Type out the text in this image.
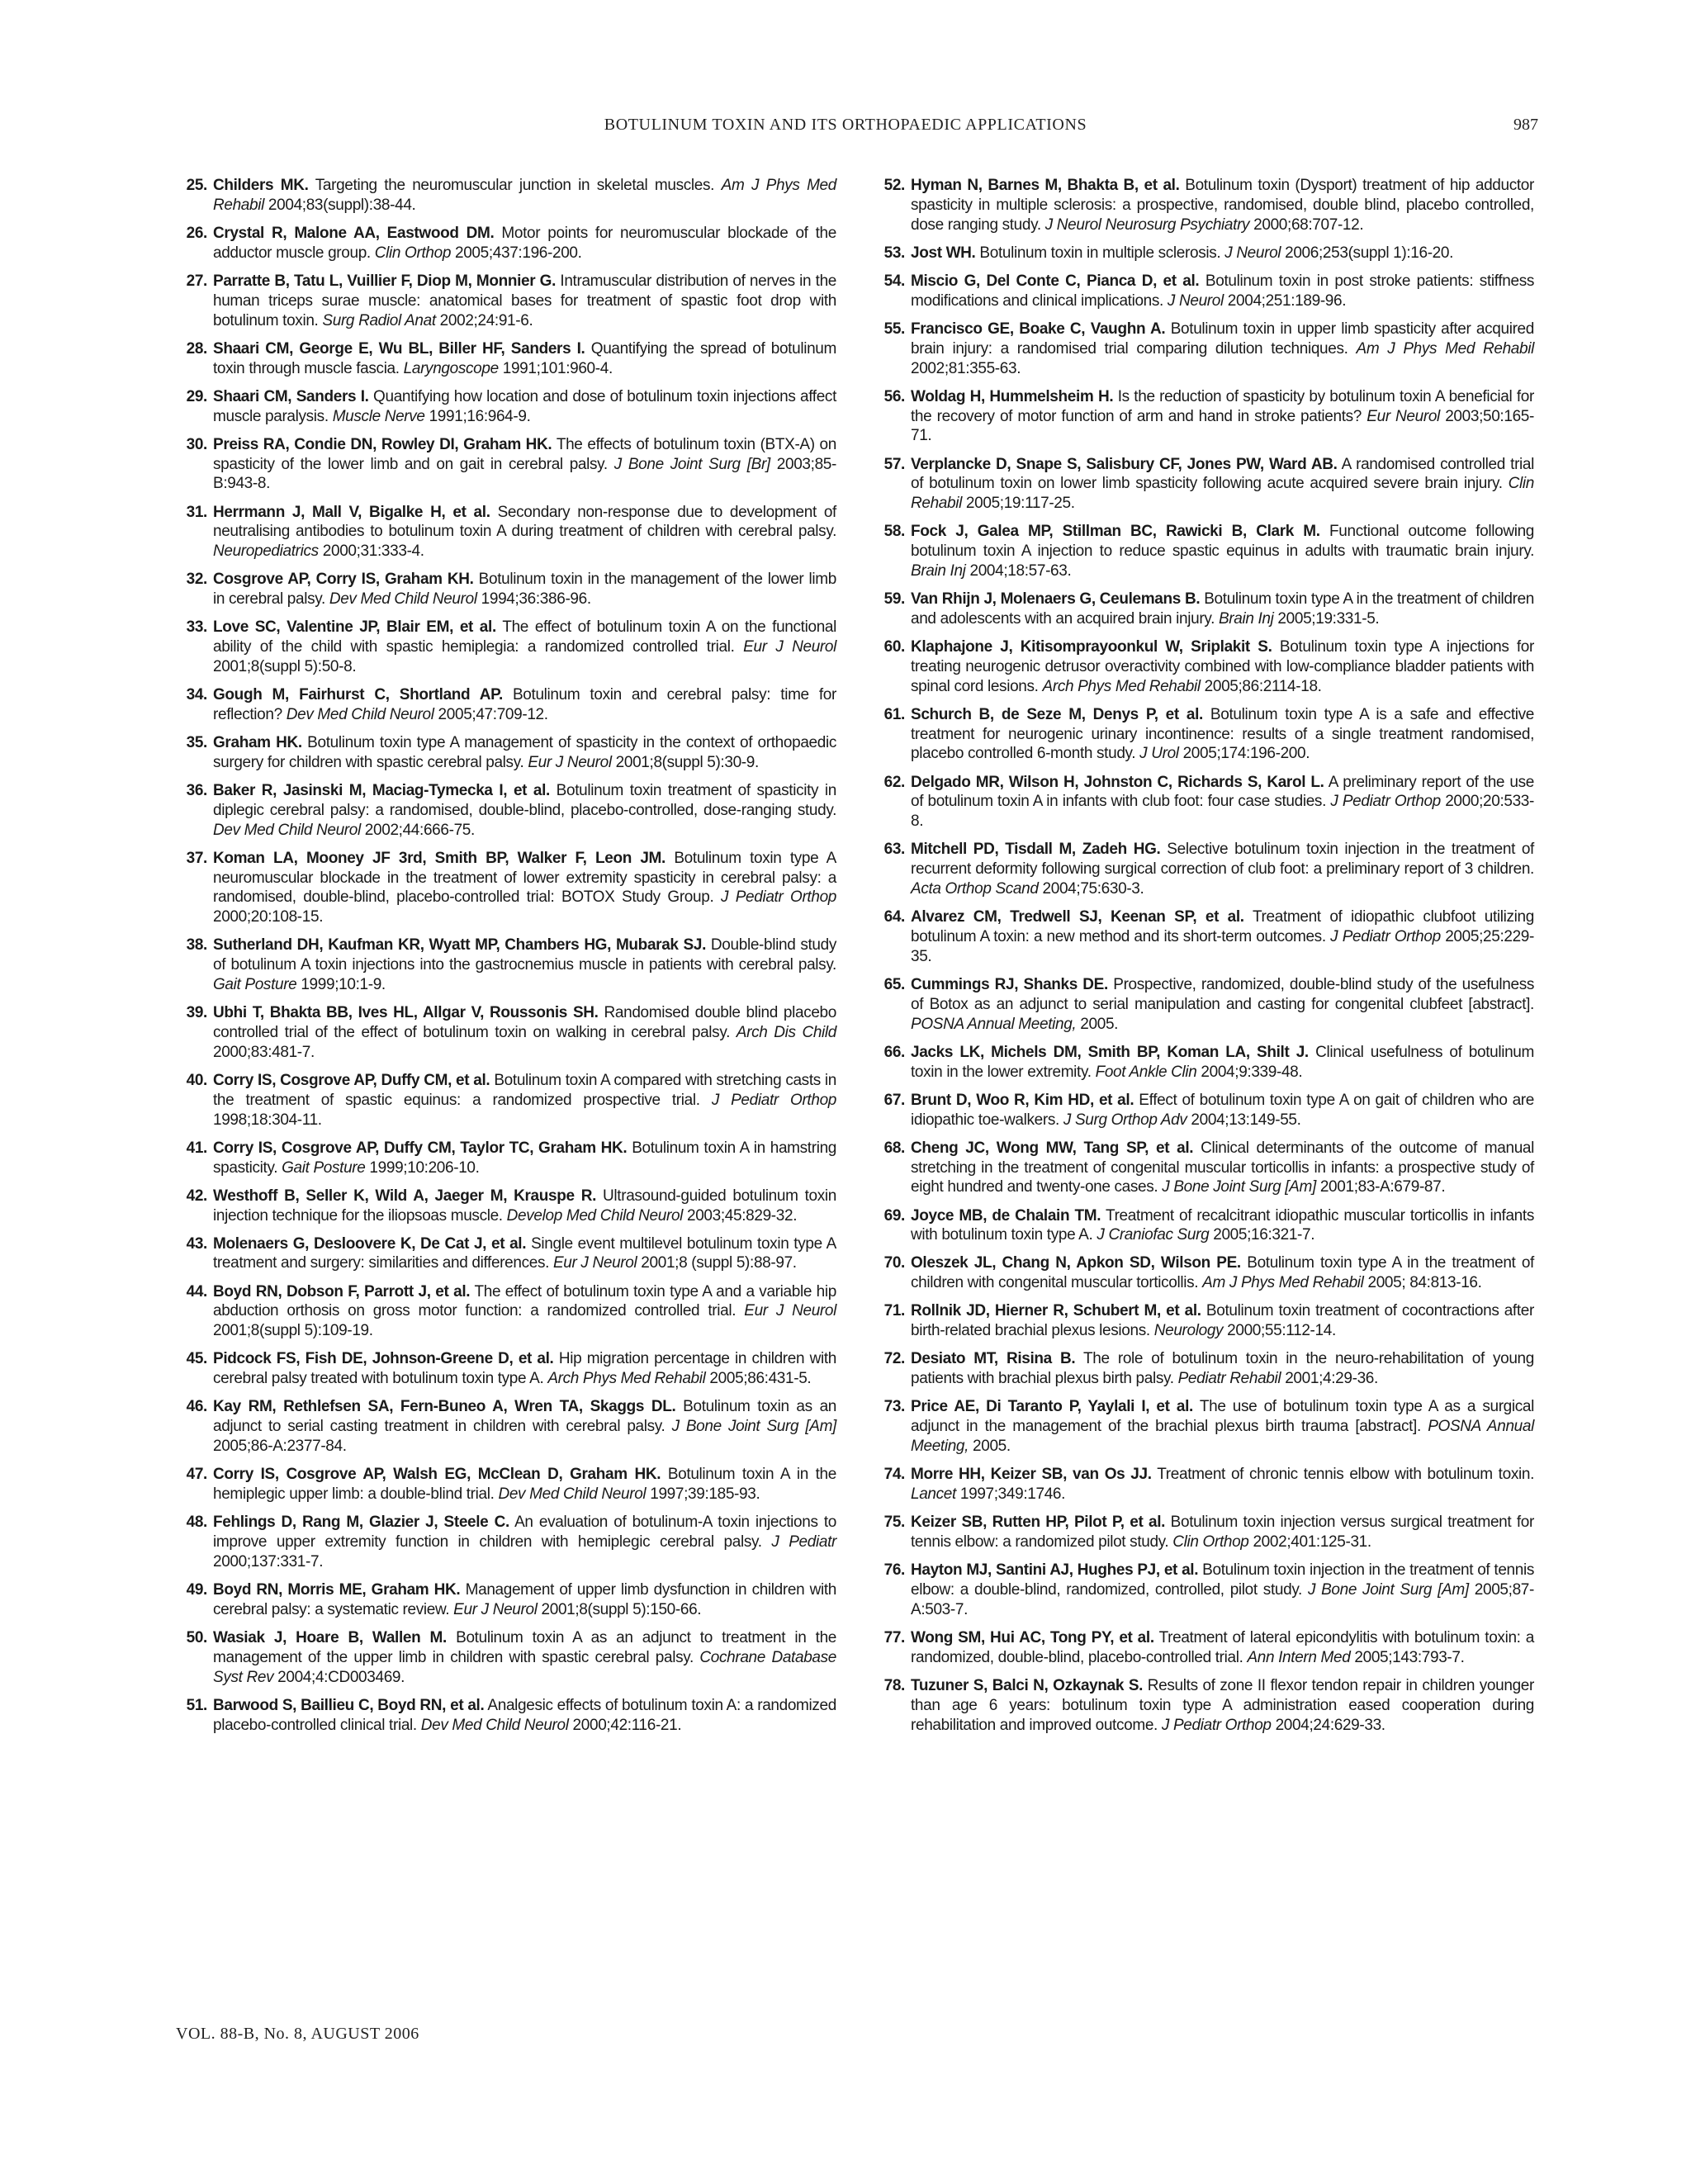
BOTULINUM TOXIN AND ITS ORTHOPAEDIC APPLICATIONS	987
25. Childers MK. Targeting the neuromuscular junction in skeletal muscles. Am J Phys Med Rehabil 2004;83(suppl):38-44.
26. Crystal R, Malone AA, Eastwood DM. Motor points for neuromuscular blockade of the adductor muscle group. Clin Orthop 2005;437:196-200.
27. Parratte B, Tatu L, Vuillier F, Diop M, Monnier G. Intramuscular distribution of nerves in the human triceps surae muscle: anatomical bases for treatment of spastic foot drop with botulinum toxin. Surg Radiol Anat 2002;24:91-6.
28. Shaari CM, George E, Wu BL, Biller HF, Sanders I. Quantifying the spread of botulinum toxin through muscle fascia. Laryngoscope 1991;101:960-4.
29. Shaari CM, Sanders I. Quantifying how location and dose of botulinum toxin injections affect muscle paralysis. Muscle Nerve 1991;16:964-9.
30. Preiss RA, Condie DN, Rowley DI, Graham HK. The effects of botulinum toxin (BTX-A) on spasticity of the lower limb and on gait in cerebral palsy. J Bone Joint Surg [Br] 2003;85-B:943-8.
31. Herrmann J, Mall V, Bigalke H, et al. Secondary non-response due to development of neutralising antibodies to botulinum toxin A during treatment of children with cerebral palsy. Neuropediatrics 2000;31:333-4.
32. Cosgrove AP, Corry IS, Graham KH. Botulinum toxin in the management of the lower limb in cerebral palsy. Dev Med Child Neurol 1994;36:386-96.
33. Love SC, Valentine JP, Blair EM, et al. The effect of botulinum toxin A on the functional ability of the child with spastic hemiplegia: a randomized controlled trial. Eur J Neurol 2001;8(suppl 5):50-8.
34. Gough M, Fairhurst C, Shortland AP. Botulinum toxin and cerebral palsy: time for reflection? Dev Med Child Neurol 2005;47:709-12.
35. Graham HK. Botulinum toxin type A management of spasticity in the context of orthopaedic surgery for children with spastic cerebral palsy. Eur J Neurol 2001;8(suppl 5):30-9.
36. Baker R, Jasinski M, Maciag-Tymecka I, et al. Botulinum toxin treatment of spasticity in diplegic cerebral palsy: a randomised, double-blind, placebo-controlled, dose-ranging study. Dev Med Child Neurol 2002;44:666-75.
37. Koman LA, Mooney JF 3rd, Smith BP, Walker F, Leon JM. Botulinum toxin type A neuromuscular blockade in the treatment of lower extremity spasticity in cerebral palsy: a randomised, double-blind, placebo-controlled trial: BOTOX Study Group. J Pediatr Orthop 2000;20:108-15.
38. Sutherland DH, Kaufman KR, Wyatt MP, Chambers HG, Mubarak SJ. Double-blind study of botulinum A toxin injections into the gastrocnemius muscle in patients with cerebral palsy. Gait Posture 1999;10:1-9.
39. Ubhi T, Bhakta BB, Ives HL, Allgar V, Roussonis SH. Randomised double blind placebo controlled trial of the effect of botulinum toxin on walking in cerebral palsy. Arch Dis Child 2000;83:481-7.
40. Corry IS, Cosgrove AP, Duffy CM, et al. Botulinum toxin A compared with stretching casts in the treatment of spastic equinus: a randomized prospective trial. J Pediatr Orthop 1998;18:304-11.
41. Corry IS, Cosgrove AP, Duffy CM, Taylor TC, Graham HK. Botulinum toxin A in hamstring spasticity. Gait Posture 1999;10:206-10.
42. Westhoff B, Seller K, Wild A, Jaeger M, Krauspe R. Ultrasound-guided botulinum toxin injection technique for the iliopsoas muscle. Develop Med Child Neurol 2003;45:829-32.
43. Molenaers G, Desloovere K, De Cat J, et al. Single event multilevel botulinum toxin type A treatment and surgery: similarities and differences. Eur J Neurol 2001;8 (suppl 5):88-97.
44. Boyd RN, Dobson F, Parrott J, et al. The effect of botulinum toxin type A and a variable hip abduction orthosis on gross motor function: a randomized controlled trial. Eur J Neurol 2001;8(suppl 5):109-19.
45. Pidcock FS, Fish DE, Johnson-Greene D, et al. Hip migration percentage in children with cerebral palsy treated with botulinum toxin type A. Arch Phys Med Rehabil 2005;86:431-5.
46. Kay RM, Rethlefsen SA, Fern-Buneo A, Wren TA, Skaggs DL. Botulinum toxin as an adjunct to serial casting treatment in children with cerebral palsy. J Bone Joint Surg [Am] 2005;86-A:2377-84.
47. Corry IS, Cosgrove AP, Walsh EG, McClean D, Graham HK. Botulinum toxin A in the hemiplegic upper limb: a double-blind trial. Dev Med Child Neurol 1997;39:185-93.
48. Fehlings D, Rang M, Glazier J, Steele C. An evaluation of botulinum-A toxin injections to improve upper extremity function in children with hemiplegic cerebral palsy. J Pediatr 2000;137:331-7.
49. Boyd RN, Morris ME, Graham HK. Management of upper limb dysfunction in children with cerebral palsy: a systematic review. Eur J Neurol 2001;8(suppl 5):150-66.
50. Wasiak J, Hoare B, Wallen M. Botulinum toxin A as an adjunct to treatment in the management of the upper limb in children with spastic cerebral palsy. Cochrane Database Syst Rev 2004;4:CD003469.
51. Barwood S, Baillieu C, Boyd RN, et al. Analgesic effects of botulinum toxin A: a randomized placebo-controlled clinical trial. Dev Med Child Neurol 2000;42:116-21.
52. Hyman N, Barnes M, Bhakta B, et al. Botulinum toxin (Dysport) treatment of hip adductor spasticity in multiple sclerosis: a prospective, randomised, double blind, placebo controlled, dose ranging study. J Neurol Neurosurg Psychiatry 2000;68:707-12.
53. Jost WH. Botulinum toxin in multiple sclerosis. J Neurol 2006;253(suppl 1):16-20.
54. Miscio G, Del Conte C, Pianca D, et al. Botulinum toxin in post stroke patients: stiffness modifications and clinical implications. J Neurol 2004;251:189-96.
55. Francisco GE, Boake C, Vaughn A. Botulinum toxin in upper limb spasticity after acquired brain injury: a randomised trial comparing dilution techniques. Am J Phys Med Rehabil 2002;81:355-63.
56. Woldag H, Hummelsheim H. Is the reduction of spasticity by botulinum toxin A beneficial for the recovery of motor function of arm and hand in stroke patients? Eur Neurol 2003;50:165-71.
57. Verplancke D, Snape S, Salisbury CF, Jones PW, Ward AB. A randomised controlled trial of botulinum toxin on lower limb spasticity following acute acquired severe brain injury. Clin Rehabil 2005;19:117-25.
58. Fock J, Galea MP, Stillman BC, Rawicki B, Clark M. Functional outcome following botulinum toxin A injection to reduce spastic equinus in adults with traumatic brain injury. Brain Inj 2004;18:57-63.
59. Van Rhijn J, Molenaers G, Ceulemans B. Botulinum toxin type A in the treatment of children and adolescents with an acquired brain injury. Brain Inj 2005;19:331-5.
60. Klaphajone J, Kitisomprayoonkul W, Sriplakit S. Botulinum toxin type A injections for treating neurogenic detrusor overactivity combined with low-compliance bladder patients with spinal cord lesions. Arch Phys Med Rehabil 2005;86:2114-18.
61. Schurch B, de Seze M, Denys P, et al. Botulinum toxin type A is a safe and effective treatment for neurogenic urinary incontinence: results of a single treatment randomised, placebo controlled 6-month study. J Urol 2005;174:196-200.
62. Delgado MR, Wilson H, Johnston C, Richards S, Karol L. A preliminary report of the use of botulinum toxin A in infants with club foot: four case studies. J Pediatr Orthop 2000;20:533-8.
63. Mitchell PD, Tisdall M, Zadeh HG. Selective botulinum toxin injection in the treatment of recurrent deformity following surgical correction of club foot: a preliminary report of 3 children. Acta Orthop Scand 2004;75:630-3.
64. Alvarez CM, Tredwell SJ, Keenan SP, et al. Treatment of idiopathic clubfoot utilizing botulinum A toxin: a new method and its short-term outcomes. J Pediatr Orthop 2005;25:229-35.
65. Cummings RJ, Shanks DE. Prospective, randomized, double-blind study of the usefulness of Botox as an adjunct to serial manipulation and casting for congenital clubfeet [abstract]. POSNA Annual Meeting, 2005.
66. Jacks LK, Michels DM, Smith BP, Koman LA, Shilt J. Clinical usefulness of botulinum toxin in the lower extremity. Foot Ankle Clin 2004;9:339-48.
67. Brunt D, Woo R, Kim HD, et al. Effect of botulinum toxin type A on gait of children who are idiopathic toe-walkers. J Surg Orthop Adv 2004;13:149-55.
68. Cheng JC, Wong MW, Tang SP, et al. Clinical determinants of the outcome of manual stretching in the treatment of congenital muscular torticollis in infants: a prospective study of eight hundred and twenty-one cases. J Bone Joint Surg [Am] 2001;83-A:679-87.
69. Joyce MB, de Chalain TM. Treatment of recalcitrant idiopathic muscular torticollis in infants with botulinum toxin type A. J Craniofac Surg 2005;16:321-7.
70. Oleszek JL, Chang N, Apkon SD, Wilson PE. Botulinum toxin type A in the treatment of children with congenital muscular torticollis. Am J Phys Med Rehabil 2005; 84:813-16.
71. Rollnik JD, Hierner R, Schubert M, et al. Botulinum toxin treatment of cocontractions after birth-related brachial plexus lesions. Neurology 2000;55:112-14.
72. Desiato MT, Risina B. The role of botulinum toxin in the neuro-rehabilitation of young patients with brachial plexus birth palsy. Pediatr Rehabil 2001;4:29-36.
73. Price AE, Di Taranto P, Yaylali I, et al. The use of botulinum toxin type A as a surgical adjunct in the management of the brachial plexus birth trauma [abstract]. POSNA Annual Meeting, 2005.
74. Morre HH, Keizer SB, van Os JJ. Treatment of chronic tennis elbow with botulinum toxin. Lancet 1997;349:1746.
75. Keizer SB, Rutten HP, Pilot P, et al. Botulinum toxin injection versus surgical treatment for tennis elbow: a randomized pilot study. Clin Orthop 2002;401:125-31.
76. Hayton MJ, Santini AJ, Hughes PJ, et al. Botulinum toxin injection in the treatment of tennis elbow: a double-blind, randomized, controlled, pilot study. J Bone Joint Surg [Am] 2005;87-A:503-7.
77. Wong SM, Hui AC, Tong PY, et al. Treatment of lateral epicondylitis with botulinum toxin: a randomized, double-blind, placebo-controlled trial. Ann Intern Med 2005;143:793-7.
78. Tuzuner S, Balci N, Ozkaynak S. Results of zone II flexor tendon repair in children younger than age 6 years: botulinum toxin type A administration eased cooperation during rehabilitation and improved outcome. J Pediatr Orthop 2004;24:629-33.
VOL. 88-B, No. 8, AUGUST 2006
